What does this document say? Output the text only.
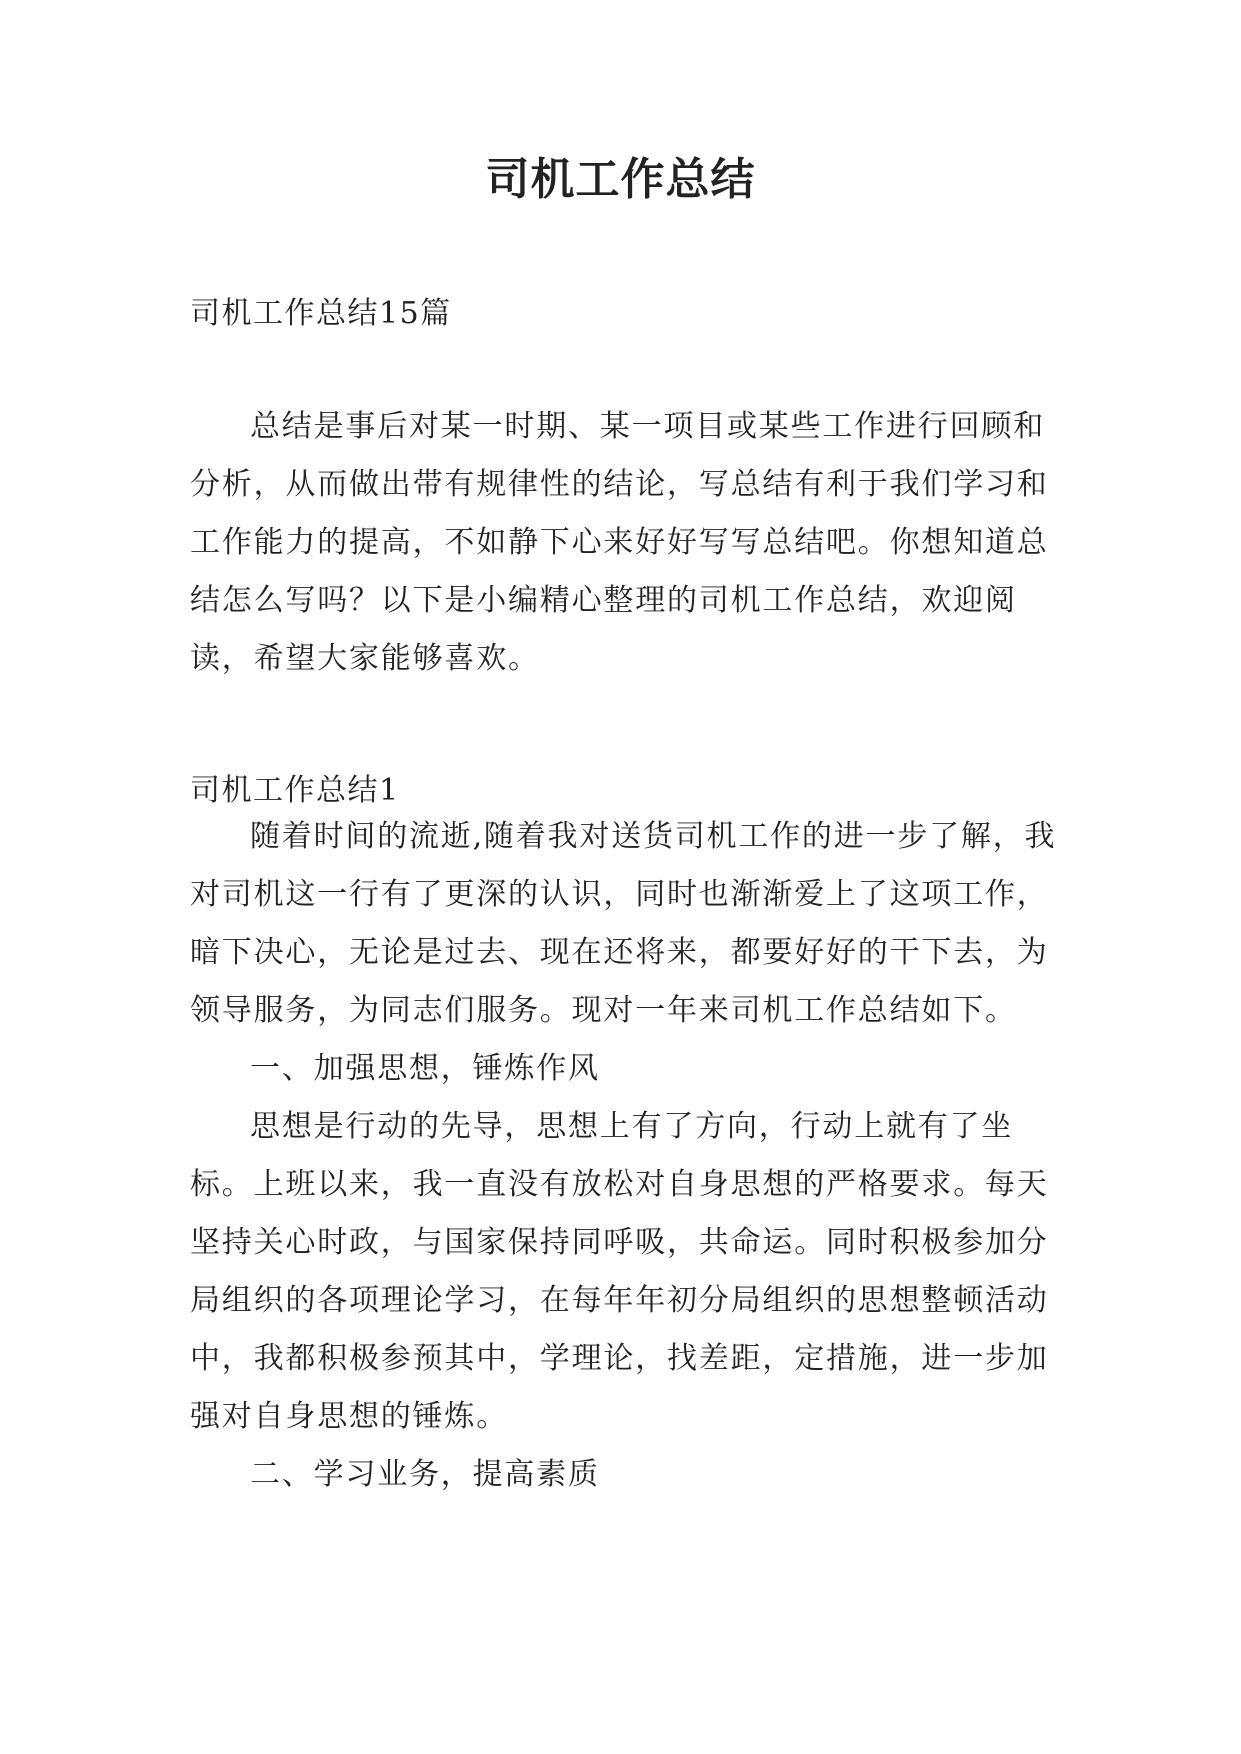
司机工作总结

司机工作总结15篇

总结是事后对某一时期、某一项目或某些工作进行回顾和分析，从而做出带有规律性的结论，写总结有利于我们学习和工作能力的提高，不如静下心来好好写写总结吧。你想知道总结怎么写吗？以下是小编精心整理的司机工作总结，欢迎阅读，希望大家能够喜欢。

司机工作总结1

随着时间的流逝,随着我对送货司机工作的进一步了解，我对司机这一行有了更深的认识，同时也渐渐爱上了这项工作，暗下决心，无论是过去、现在还将来，都要好好的干下去，为领导服务，为同志们服务。现对一年来司机工作总结如下。

一、加强思想，锤炼作风

思想是行动的先导，思想上有了方向，行动上就有了坐标。上班以来，我一直没有放松对自身思想的严格要求。每天坚持关心时政，与国家保持同呼吸，共命运。同时积极参加分局组织的各项理论学习，在每年年初分局组织的思想整顿活动中，我都积极参预其中，学理论，找差距，定措施，进一步加强对自身思想的锤炼。

二、学习业务，提高素质
